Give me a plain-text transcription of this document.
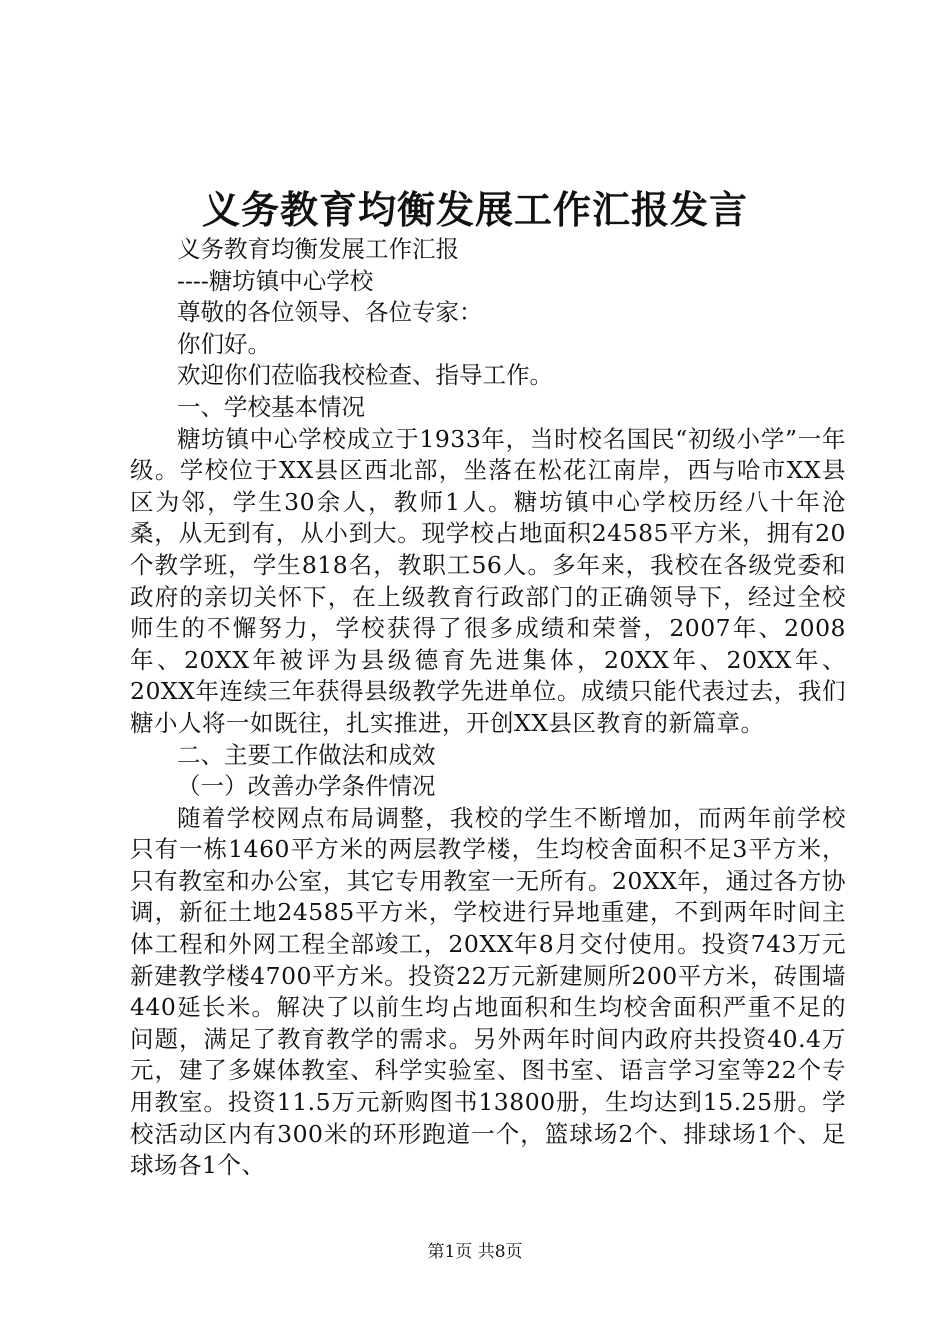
义务教育均衡发展工作汇报发言

义务教育均衡发展工作汇报

----糖坊镇中心学校

尊敬的各位领导、各位专家：

你们好。

欢迎你们莅临我校检查、指导工作。

一、学校基本情况

糖坊镇中心学校成立于1933年，当时校名国民“初级小学”一年级。学校位于XX县区西北部，坐落在松花江南岸，西与哈市XX县区为邻，学生30余人，教师1人。糖坊镇中心学校历经八十年沧桑，从无到有，从小到大。现学校占地面积24585平方米，拥有20个教学班，学生818名，教职工56人。多年来，我校在各级党委和政府的亲切关怀下，在上级教育行政部门的正确领导下，经过全校师生的不懈努力，学校获得了很多成绩和荣誉，2007年、2008年、20XX年被评为县级德育先进集体，20XX年、20XX年、20XX年连续三年获得县级教学先进单位。成绩只能代表过去，我们糖小人将一如既往，扎实推进，开创XX县区教育的新篇章。

二、主要工作做法和成效

（一）改善办学条件情况

随着学校网点布局调整，我校的学生不断增加，而两年前学校只有一栋1460平方米的两层教学楼，生均校舍面积不足3平方米，只有教室和办公室，其它专用教室一无所有。20XX年，通过各方协调，新征土地24585平方米，学校进行异地重建，不到两年时间主体工程和外网工程全部竣工，20XX年8月交付使用。投资743万元新建教学楼4700平方米。投资22万元新建厕所200平方米，砖围墙440延长米。解决了以前生均占地面积和生均校舍面积严重不足的问题，满足了教育教学的需求。另外两年时间内政府共投资40.4万元，建了多媒体教室、科学实验室、图书室、语言学习室等22个专用教室。投资11.5万元新购图书13800册，生均达到15.25册。学校活动区内有300米的环形跑道一个，篮球场2个、排球场1个、足球场各1个、

第1页 共8页
